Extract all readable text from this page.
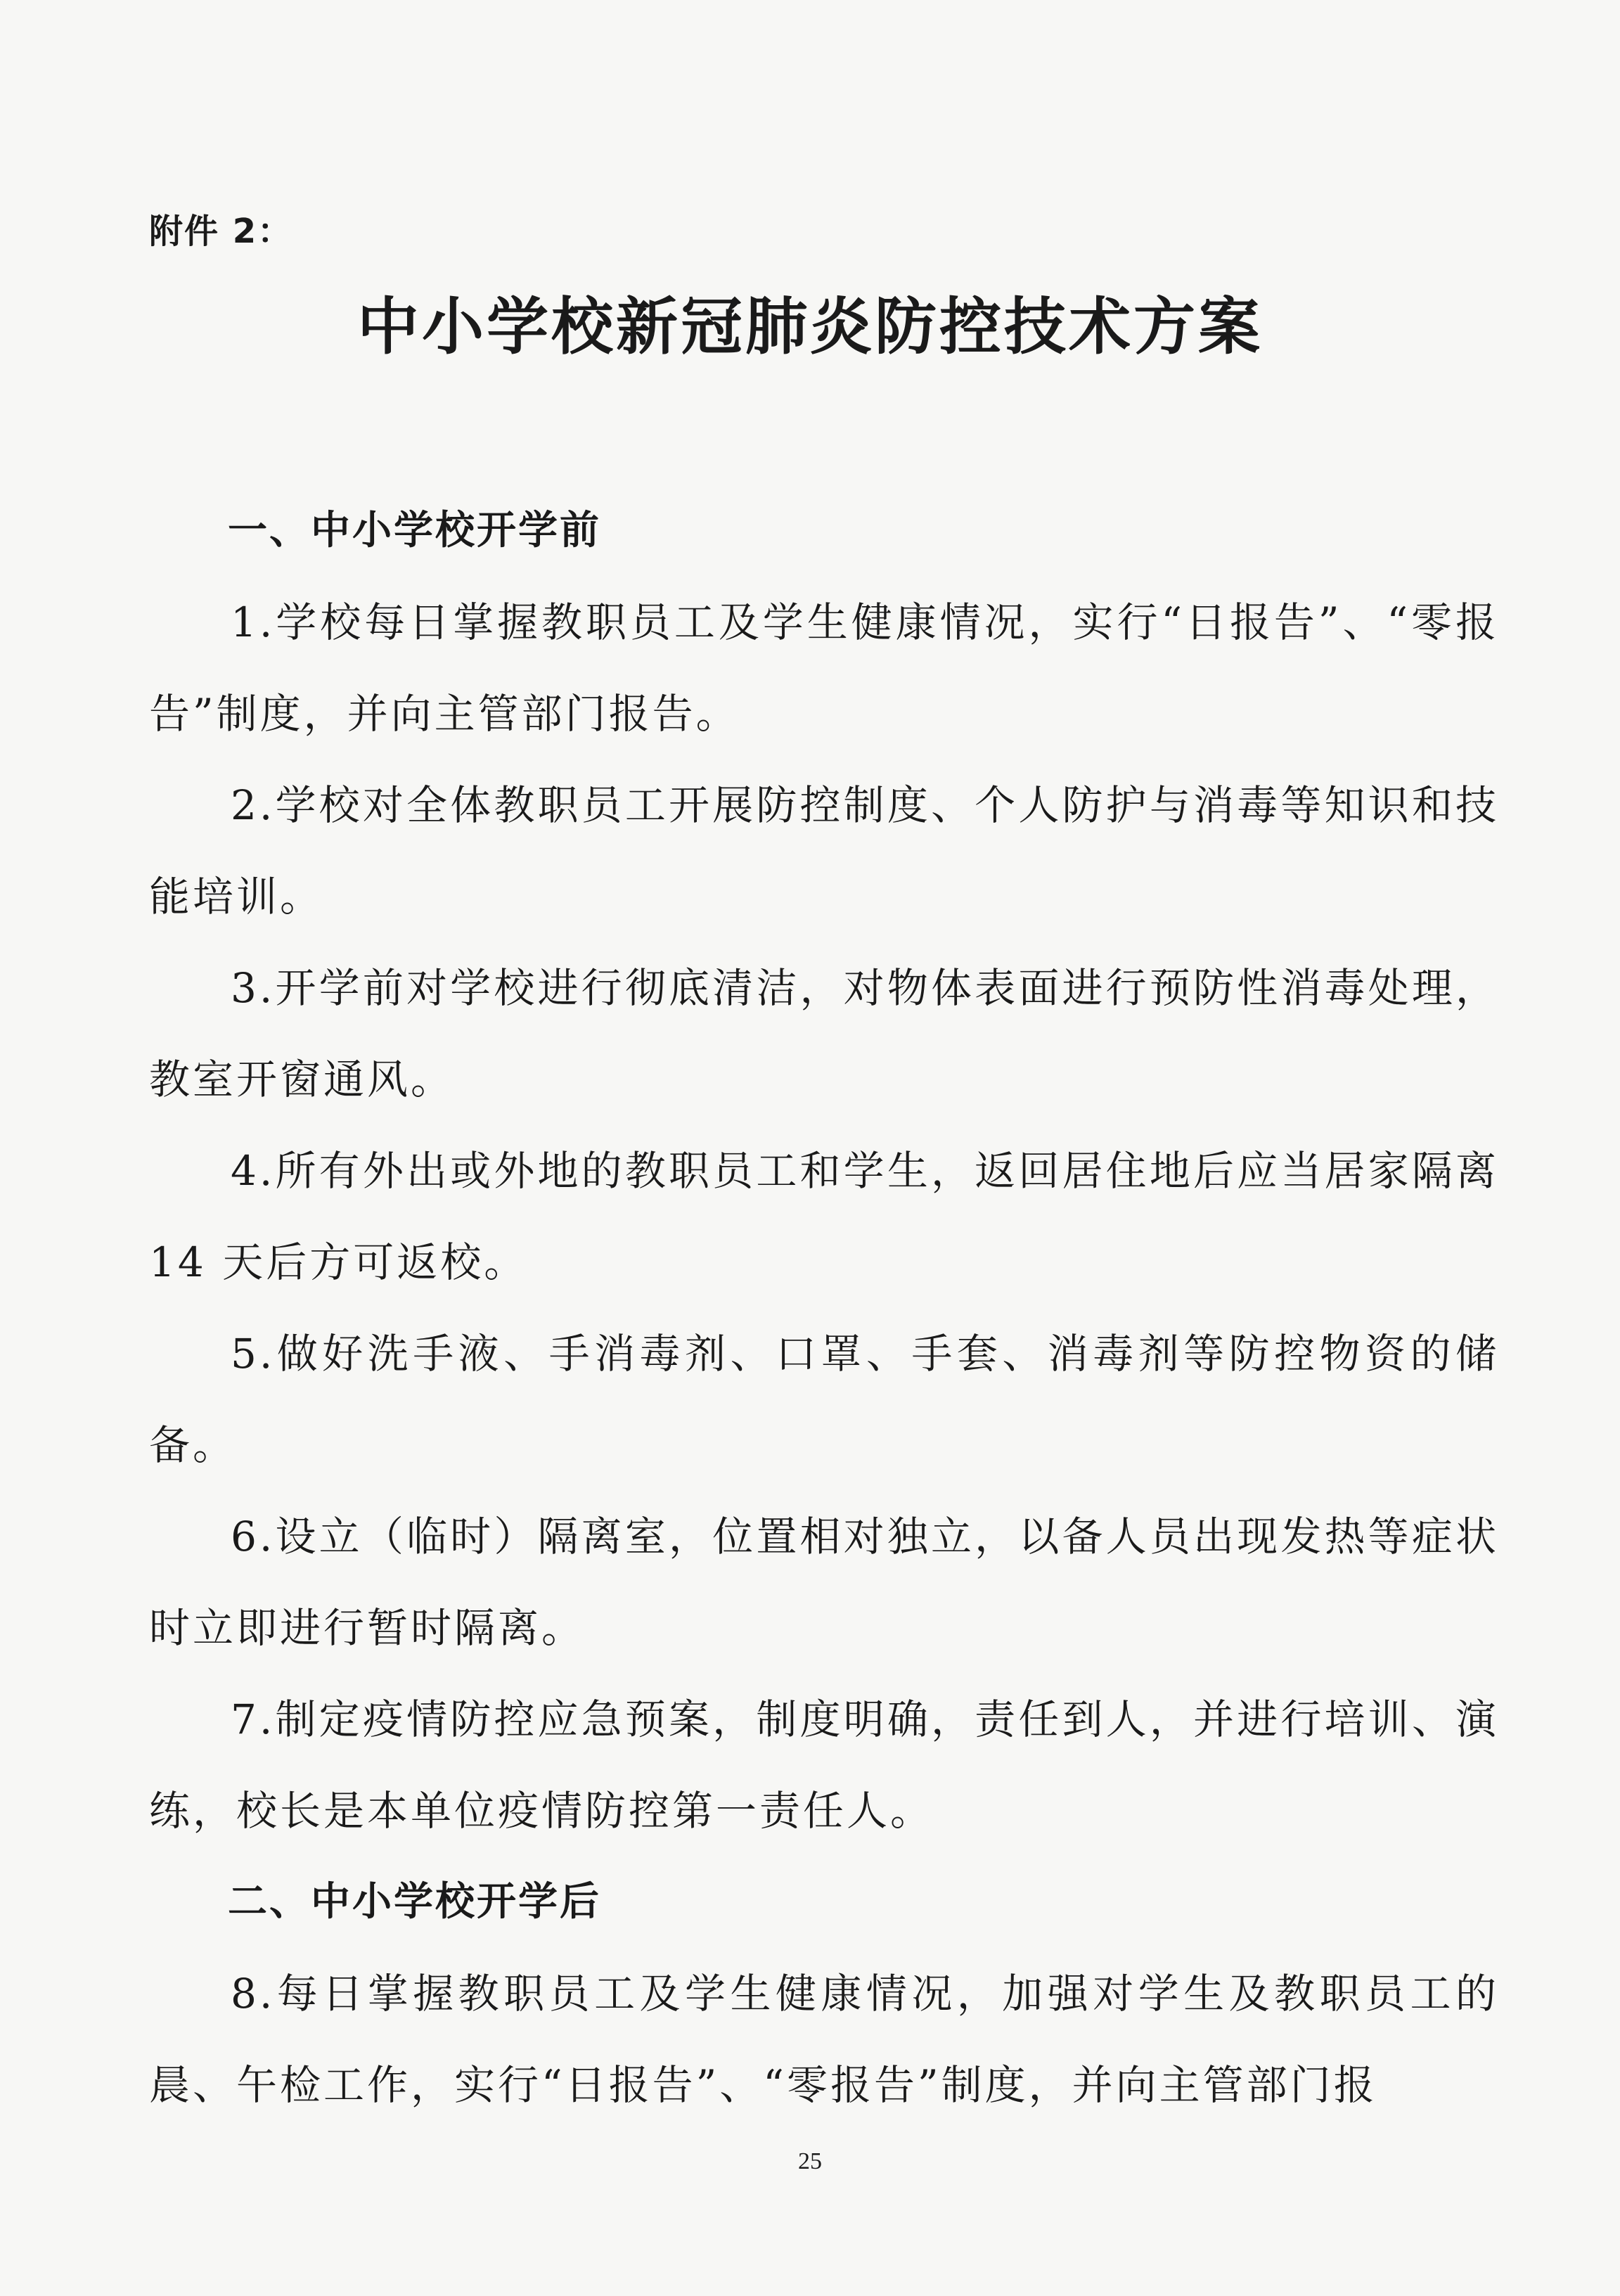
附件 2：
中小学校新冠肺炎防控技术方案
一、中小学校开学前

1.学校每日掌握教职员工及学生健康情况，实行“日报告”、“零报告”制度，并向主管部门报告。

2.学校对全体教职员工开展防控制度、个人防护与消毒等知识和技能培训。

3.开学前对学校进行彻底清洁，对物体表面进行预防性消毒处理，教室开窗通风。

4.所有外出或外地的教职员工和学生，返回居住地后应当居家隔离 14 天后方可返校。

5.做好洗手液、手消毒剂、口罩、手套、消毒剂等防控物资的储备。

6.设立（临时）隔离室，位置相对独立，以备人员出现发热等症状时立即进行暂时隔离。

7.制定疫情防控应急预案，制度明确，责任到人，并进行培训、演练，校长是本单位疫情防控第一责任人。

二、中小学校开学后

8.每日掌握教职员工及学生健康情况，加强对学生及教职员工的晨、午检工作，实行“日报告”、“零报告”制度，并向主管部门报

25
